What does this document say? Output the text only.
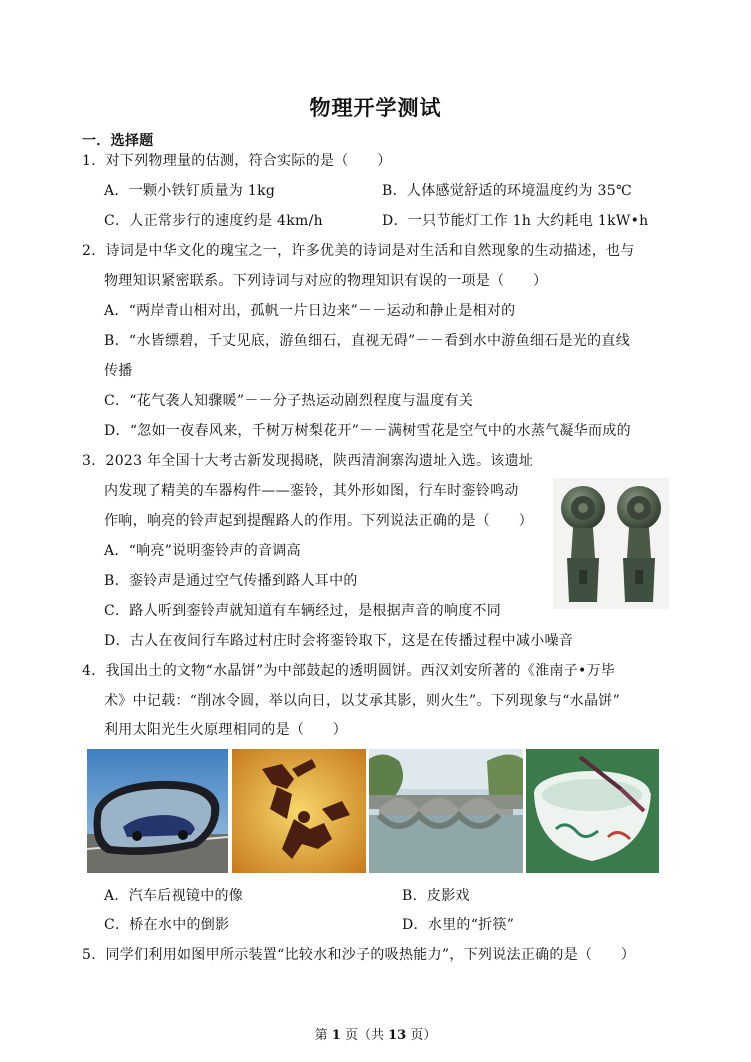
物理开学测试
一．选择题
1．对下列物理量的估测，符合实际的是（　　）
A．一颗小铁钉质量为 1kg	B．人体感觉舒适的环境温度约为 35℃
C．人正常步行的速度约是 4km/h	D．一只节能灯工作 1h 大约耗电 1kW•h
2．诗词是中华文化的瑰宝之一，许多优美的诗词是对生活和自然现象的生动描述，也与
物理知识紧密联系。下列诗词与对应的物理知识有误的一项是（　　）
A．“两岸青山相对出，孤帆一片日边来”－－运动和静止是相对的
B．“水皆缥碧，千丈见底，游鱼细石，直视无碍”－－看到水中游鱼细石是光的直线
传播
C．“花气袭人知骤暖”－－分子热运动剧烈程度与温度有关
D．“忽如一夜春风来，千树万树梨花开”－－满树雪花是空气中的水蒸气凝华而成的
3．2023 年全国十大考古新发现揭晓，陕西清涧寨沟遗址入选。该遗址
内发现了精美的车器构件——銮铃，其外形如图，行车时銮铃鸣动
作响，响亮的铃声起到提醒路人的作用。下列说法正确的是（　　）
A．“响亮”说明銮铃声的音调高
B．銮铃声是通过空气传播到路人耳中的
C．路人听到銮铃声就知道有车辆经过，是根据声音的响度不同
D．古人在夜间行车路过村庄时会将銮铃取下，这是在传播过程中减小噪音
4．我国出土的文物“水晶饼”为中部鼓起的透明圆饼。西汉刘安所著的《淮南子•万毕
术》中记载：“削冰令圆，举以向日，以艾承其影，则火生”。下列现象与“水晶饼”
利用太阳光生火原理相同的是（　　）
A．汽车后视镜中的像	B．皮影戏
C．桥在水中的倒影	D．水里的“折筷”
5．同学们利用如图甲所示装置“比较水和沙子的吸热能力”，下列说法正确的是（　　）
第 1 页（共 13 页）
